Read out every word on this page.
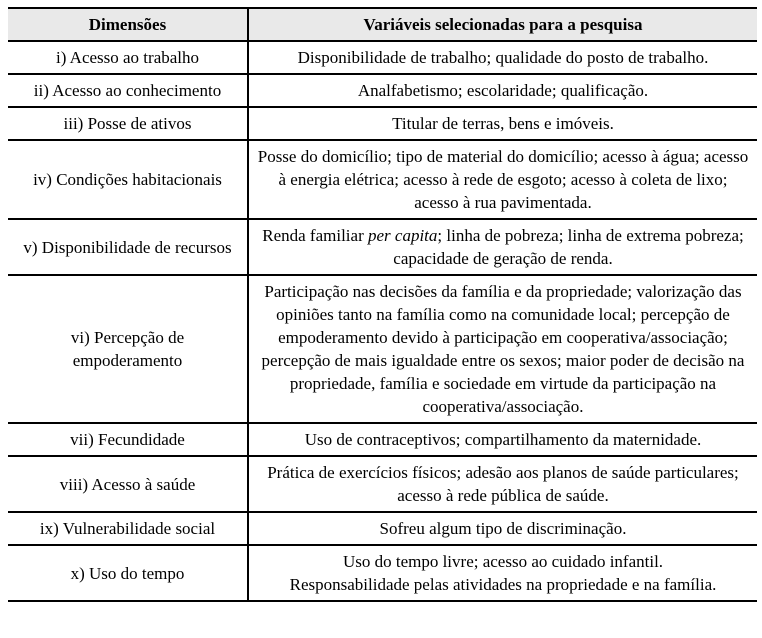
Dimensões	Variáveis selecionadas para a pesquisa
i) Acesso ao trabalho	Disponibilidade de trabalho; qualidade do posto de trabalho.
ii) Acesso ao conhecimento	Analfabetismo; escolaridade; qualificação.
iii) Posse de ativos	Titular de terras, bens e imóveis.
iv) Condições habitacionais	Posse do domicílio; tipo de material do domicílio; acesso à água; acesso à energia elétrica; acesso à rede de esgoto; acesso à coleta de lixo; acesso à rua pavimentada.
v) Disponibilidade de recursos	Renda familiar per capita; linha de pobreza; linha de extrema pobreza; capacidade de geração de renda.
vi) Percepção de empoderamento	Participação nas decisões da família e da propriedade; valorização das opiniões tanto na família como na comunidade local; percepção de empoderamento devido à participação em cooperativa/associação; percepção de mais igualdade entre os sexos; maior poder de decisão na propriedade, família e sociedade em virtude da participação na cooperativa/associação.
vii) Fecundidade	Uso de contraceptivos; compartilhamento da maternidade.
viii) Acesso à saúde	Prática de exercícios físicos; adesão aos planos de saúde particulares; acesso à rede pública de saúde.
ix) Vulnerabilidade social	Sofreu algum tipo de discriminação.
x) Uso do tempo	Uso do tempo livre; acesso ao cuidado infantil.
Responsabilidade pelas atividades na propriedade e na família.
